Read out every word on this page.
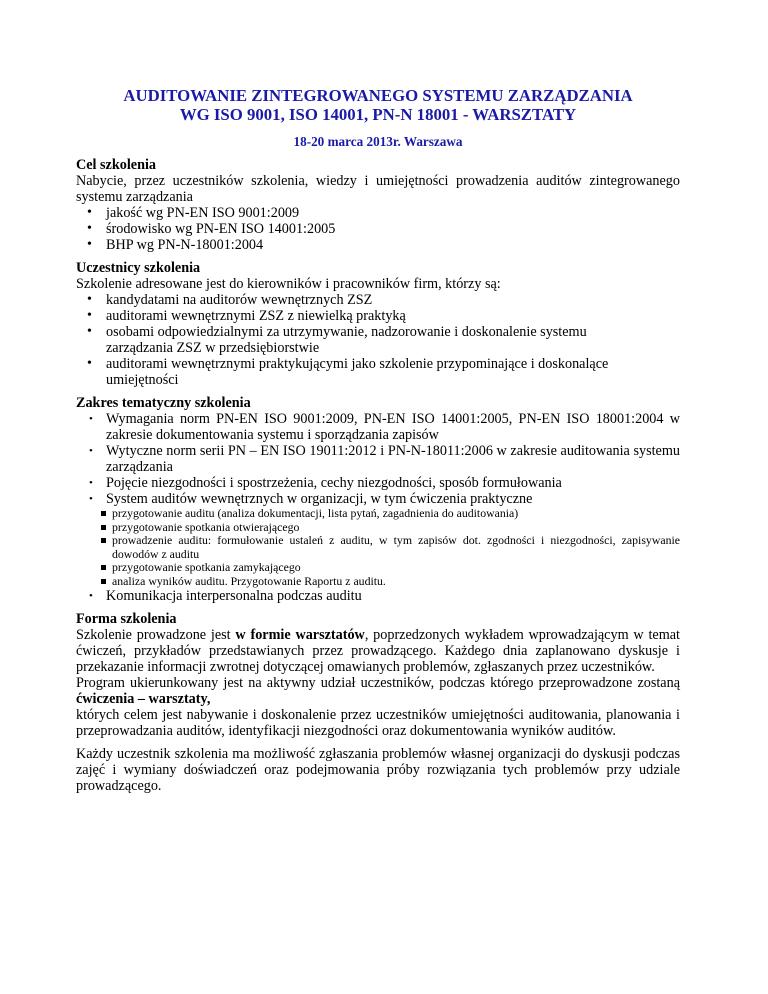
AUDITOWANIE ZINTEGROWANEGO SYSTEMU ZARZĄDZANIA
WG ISO 9001, ISO 14001, PN-N 18001 - WARSZTATY
18-20 marca 2013r. Warszawa
Cel szkolenia

Nabycie, przez uczestników szkolenia, wiedzy i umiejętności prowadzenia auditów zintegrowanego systemu zarządzania

• jakość wg PN-EN ISO 9001:2009
• środowisko wg PN-EN ISO 14001:2005
• BHP wg PN-N-18001:2004
Uczestnicy szkolenia

Szkolenie adresowane jest do kierowników i pracowników firm, którzy są:

• kandydatami na auditorów wewnętrznych ZSZ
• auditorami wewnętrznymi ZSZ z niewielką praktyką
• osobami odpowiedzialnymi za utrzymywanie, nadzorowanie i doskonalenie systemu zarządzania ZSZ w przedsiębiorstwie
• auditorami wewnętrznymi praktykującymi jako szkolenie przypominające i doskonalące umiejętności
Zakres tematyczny szkolenia
• Wymagania norm PN-EN ISO 9001:2009, PN-EN ISO 14001:2005, PN-EN ISO 18001:2004 w zakresie dokumentowania systemu i sporządzania zapisów
• Wytyczne norm serii PN – EN ISO 19011:2012 i PN-N-18011:2006 w zakresie auditowania systemu zarządzania
• Pojęcie niezgodności i spostrzeżenia, cechy niezgodności, sposób formułowania
• System auditów wewnętrznych w organizacji, w tym ćwiczenia praktyczne
przygotowanie auditu (analiza dokumentacji, lista pytań, zagadnienia do auditowania)
przygotowanie spotkania otwierającego
prowadzenie auditu: formułowanie ustaleń z auditu, w tym zapisów dot. zgodności i niezgodności, zapisywanie dowodów z auditu
przygotowanie spotkania zamykającego
analiza wyników auditu. Przygotowanie Raportu z auditu.
• Komunikacja interpersonalna podczas auditu
Forma szkolenia

Szkolenie prowadzone jest w formie warsztatów, poprzedzonych wykładem wprowadzającym w temat ćwiczeń, przykładów przedstawianych przez prowadzącego. Każdego dnia zaplanowano dyskusje i przekazanie informacji zwrotnej dotyczącej omawianych problemów, zgłaszanych przez uczestników.

Program ukierunkowany jest na aktywny udział uczestników, podczas którego przeprowadzone zostaną ćwiczenia – warsztaty,

których celem jest nabywanie i doskonalenie przez uczestników umiejętności auditowania, planowania i przeprowadzania auditów, identyfikacji niezgodności oraz dokumentowania wyników auditów.

Każdy uczestnik szkolenia ma możliwość zgłaszania problemów własnej organizacji do dyskusji podczas zajęć i wymiany doświadczeń oraz podejmowania próby rozwiązania tych problemów przy udziale prowadzącego.
